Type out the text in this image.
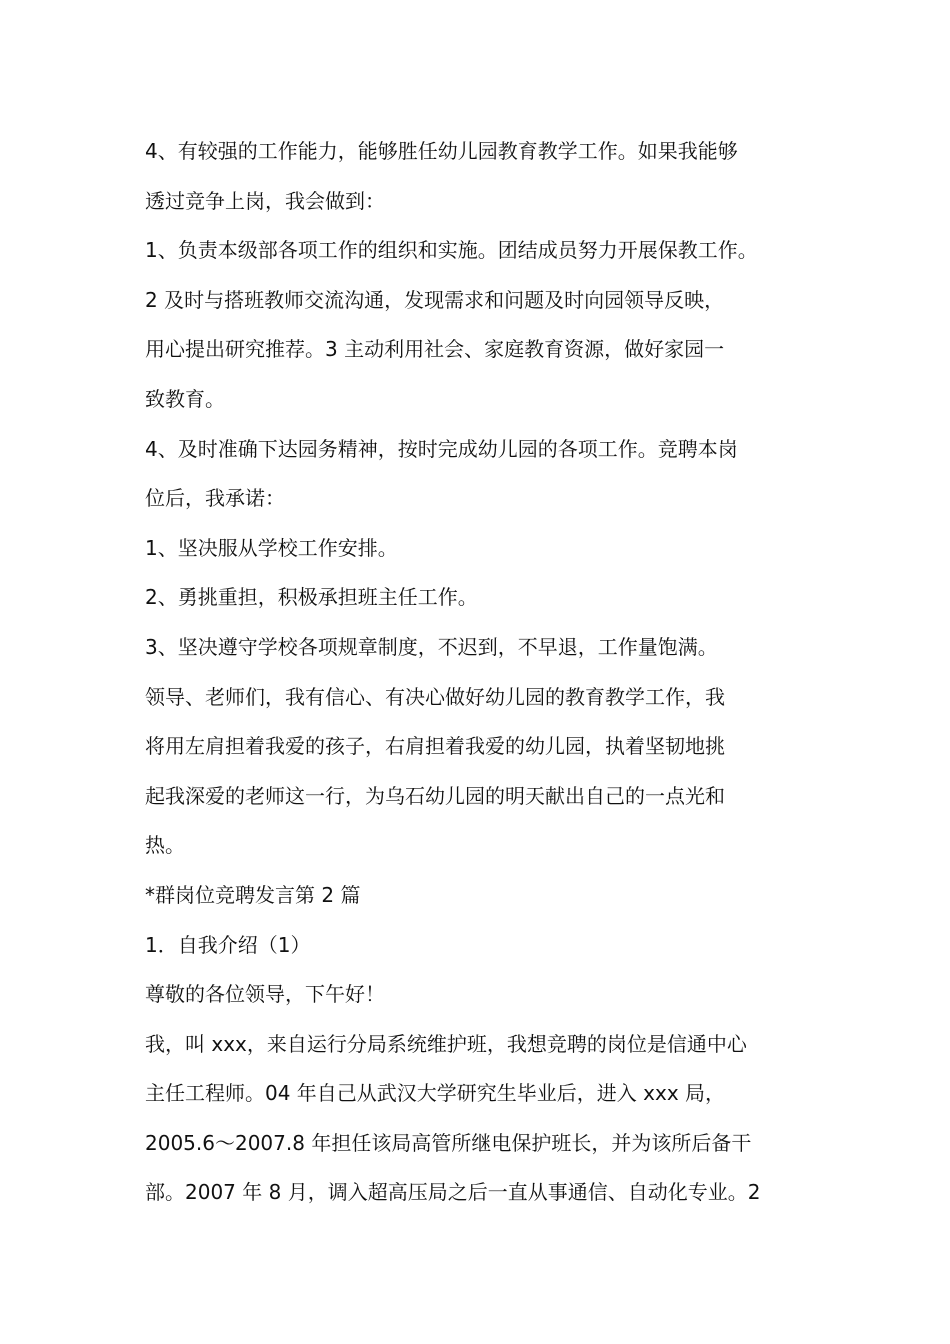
4、有较强的工作能力，能够胜任幼儿园教育教学工作。如果我能够
透过竞争上岗，我会做到：
1、负责本级部各项工作的组织和实施。团结成员努力开展保教工作。
2 及时与搭班教师交流沟通，发现需求和问题及时向园领导反映，
用心提出研究推荐。3 主动利用社会、家庭教育资源，做好家园一
致教育。
4、及时准确下达园务精神，按时完成幼儿园的各项工作。竞聘本岗
位后，我承诺：
1、坚决服从学校工作安排。
2、勇挑重担，积极承担班主任工作。
3、坚决遵守学校各项规章制度，不迟到，不早退，工作量饱满。
领导、老师们，我有信心、有决心做好幼儿园的教育教学工作，我
将用左肩担着我爱的孩子，右肩担着我爱的幼儿园，执着坚韧地挑
起我深爱的老师这一行，为乌石幼儿园的明天献出自己的一点光和
热。
*群岗位竞聘发言第 2 篇
1．自我介绍（1）
尊敬的各位领导，下午好！
我，叫 xxx，来自运行分局系统维护班，我想竞聘的岗位是信通中心
主任工程师。04 年自己从武汉大学研究生毕业后，进入 xxx 局，
2005.6～2007.8 年担任该局高管所继电保护班长，并为该所后备干
部。2007 年 8 月，调入超高压局之后一直从事通信、自动化专业。2
